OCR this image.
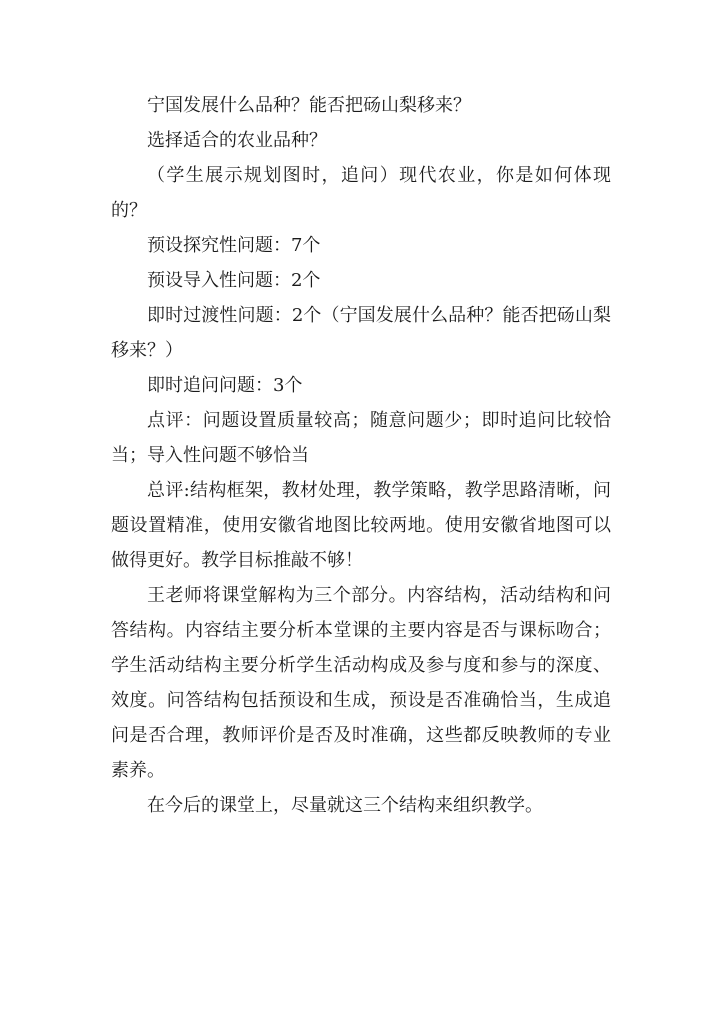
宁国发展什么品种？能否把砀山梨移来？

选择适合的农业品种？

（学生展示规划图时，追问）现代农业，你是如何体现的？

预设探究性问题：7个

预设导入性问题：2个

即时过渡性问题：2个（宁国发展什么品种？能否把砀山梨移来？）

即时追问问题：3个

点评：问题设置质量较高；随意问题少；即时追问比较恰当；导入性问题不够恰当

总评:结构框架，教材处理，教学策略，教学思路清晰，问题设置精准，使用安徽省地图比较两地。使用安徽省地图可以做得更好。教学目标推敲不够！

王老师将课堂解构为三个部分。内容结构，活动结构和问答结构。内容结主要分析本堂课的主要内容是否与课标吻合；学生活动结构主要分析学生活动构成及参与度和参与的深度、效度。问答结构包括预设和生成，预设是否准确恰当，生成追问是否合理，教师评价是否及时准确，这些都反映教师的专业素养。

在今后的课堂上，尽量就这三个结构来组织教学。
